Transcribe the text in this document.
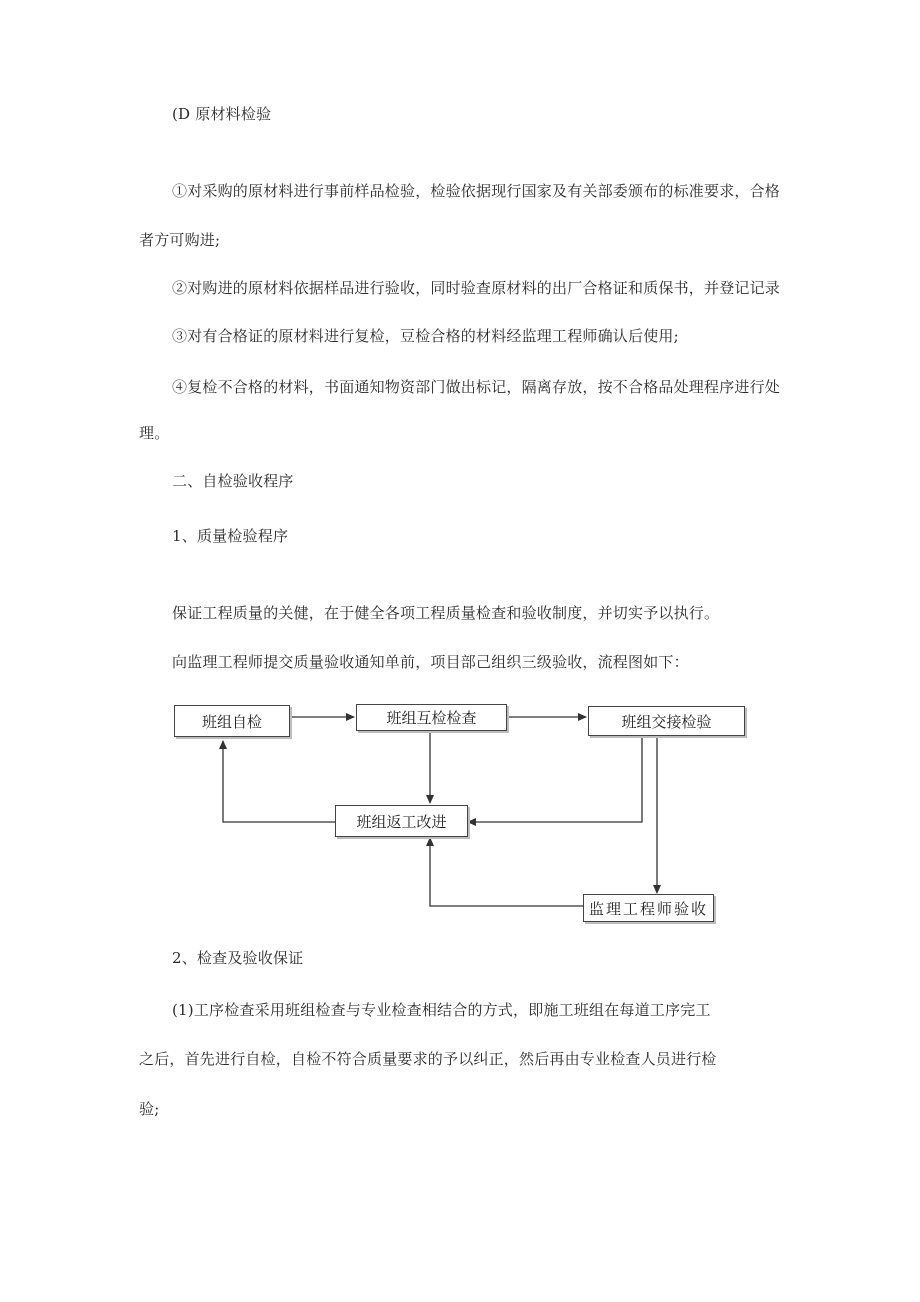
(D 原材料检验
①对采购的原材料进行事前样品检验，检验依据现行国家及有关部委颁布的标准要求，合格
者方可购进;
②对购进的原材料依据样品进行验收，同时验查原材料的出厂合格证和质保书，并登记记录
③对有合格证的原材料进行复检，豆检合格的材料经监理工程师确认后使用;
④复检不合格的材料，书面通知物资部门做出标记，隔离存放，按不合格品处理程序进行处
理。
二、自检验收程序
1、质量检验程序
保证工程质量的关健，在于健全各项工程质量检查和验收制度，并切实予以执行。
向监理工程师提交质量验收通知单前，项目部己组织三级验收，流程图如下：
班组自检	班组互检检查	班组交接检验
班组返工改进
监理工程师验收
2、检查及验收保证
(1)工序检查采用班组检查与专业检查相结合的方式，即施工班组在每道工序完工
之后，首先进行自检，自检不符合质量要求的予以纠正，然后再由专业检查人员进行检
验;
